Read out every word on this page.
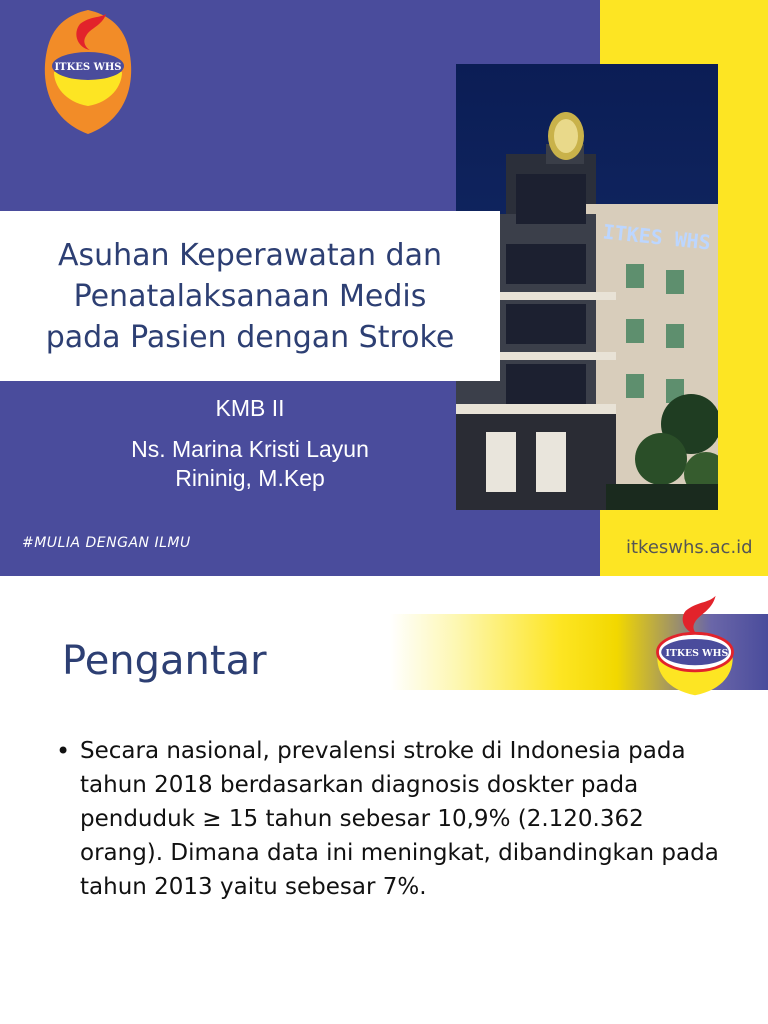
ITKES WHS
ITKES WHS
Asuhan Keperawatan dan
Penatalaksanaan Medis
pada Pasien dengan Stroke
KMB II
Ns. Marina Kristi Layun
Rininig, M.Kep
#MULIA DENGAN ILMU	itkeswhs.ac.id
ITKES WHS
Pengantar
• Secara nasional, prevalensi stroke di Indonesia pada tahun 2018 berdasarkan diagnosis doskter pada penduduk ≥ 15 tahun sebesar 10,9% (2.120.362 orang). Dimana data ini meningkat, dibandingkan pada tahun 2013 yaitu sebesar 7%.
